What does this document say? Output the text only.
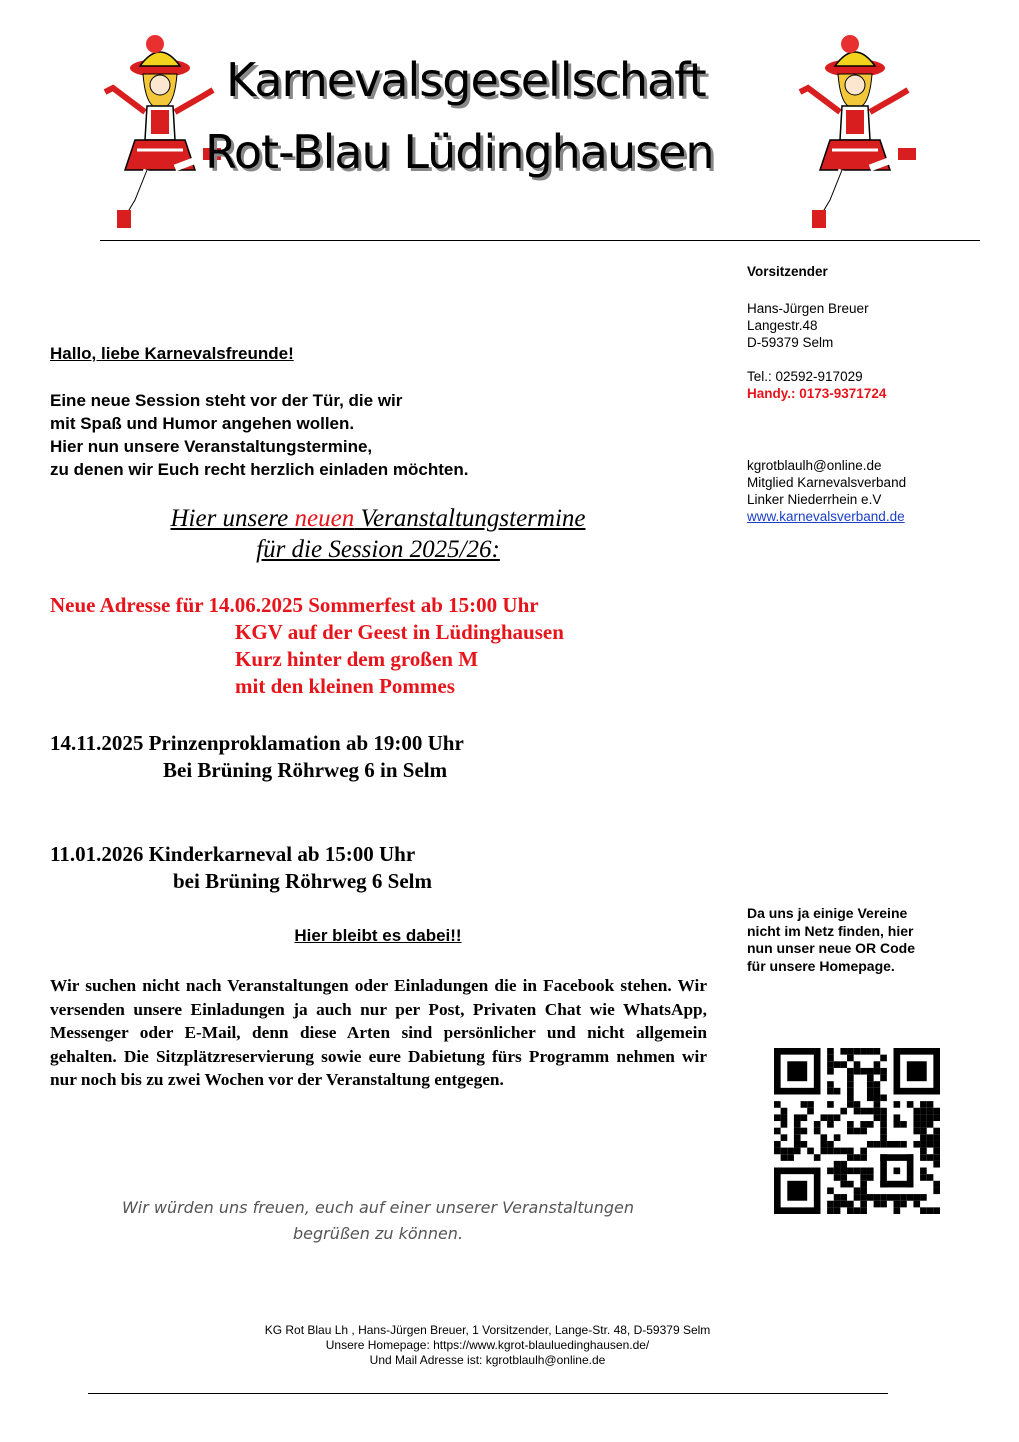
Karnevalsgesellschaft
Rot-Blau Lüdinghausen
Vorsitzender
Hans-Jürgen Breuer
Langestr.48
D-59379 Selm
Tel.: 02592-917029
Handy.: 0173-9371724
kgrotblaulh@online.de
Mitglied Karnevalsverband
Linker Niederrhein e.V
www.karnevalsverband.de
Da uns ja einige Vereine
nicht im Netz finden, hier
nun unser neue OR Code
für unsere Homepage.
Hallo, liebe Karnevalsfreunde!
Eine neue Session steht vor der Tür, die wir
mit Spaß und Humor angehen wollen.
Hier nun unsere Veranstaltungstermine,
zu denen wir Euch recht herzlich einladen möchten.
Hier unsere neuen Veranstaltungstermine
für die Session 2025/26:
Neue Adresse für 14.06.2025 Sommerfest ab 15:00 Uhr
KGV auf der Geest in Lüdinghausen
Kurz hinter dem großen M
mit den kleinen Pommes
14.11.2025 Prinzenproklamation ab 19:00 Uhr
Bei Brüning Röhrweg 6 in Selm
11.01.2026 Kinderkarneval ab 15:00 Uhr
bei Brüning Röhrweg 6 Selm
Hier bleibt es dabei!!
Wir suchen nicht nach Veranstaltungen oder Einladungen die in Facebook stehen. Wir versenden unsere Einladungen ja auch nur per Post, Privaten Chat wie WhatsApp, Messenger oder E-Mail, denn diese Arten sind persönlicher und nicht allgemein gehalten. Die Sitzplätzreservierung sowie eure Dabietung fürs Programm nehmen wir nur noch bis zu zwei Wochen vor der Veranstaltung entgegen.
Wir würden uns freuen, euch auf einer unserer Veranstaltungen
begrüßen zu können.
KG Rot Blau Lh , Hans-Jürgen Breuer, 1 Vorsitzender, Lange-Str. 48, D-59379 Selm
Unsere Homepage: https://www.kgrot-blauluedinghausen.de/
Und Mail Adresse ist: kgrotblaulh@online.de
